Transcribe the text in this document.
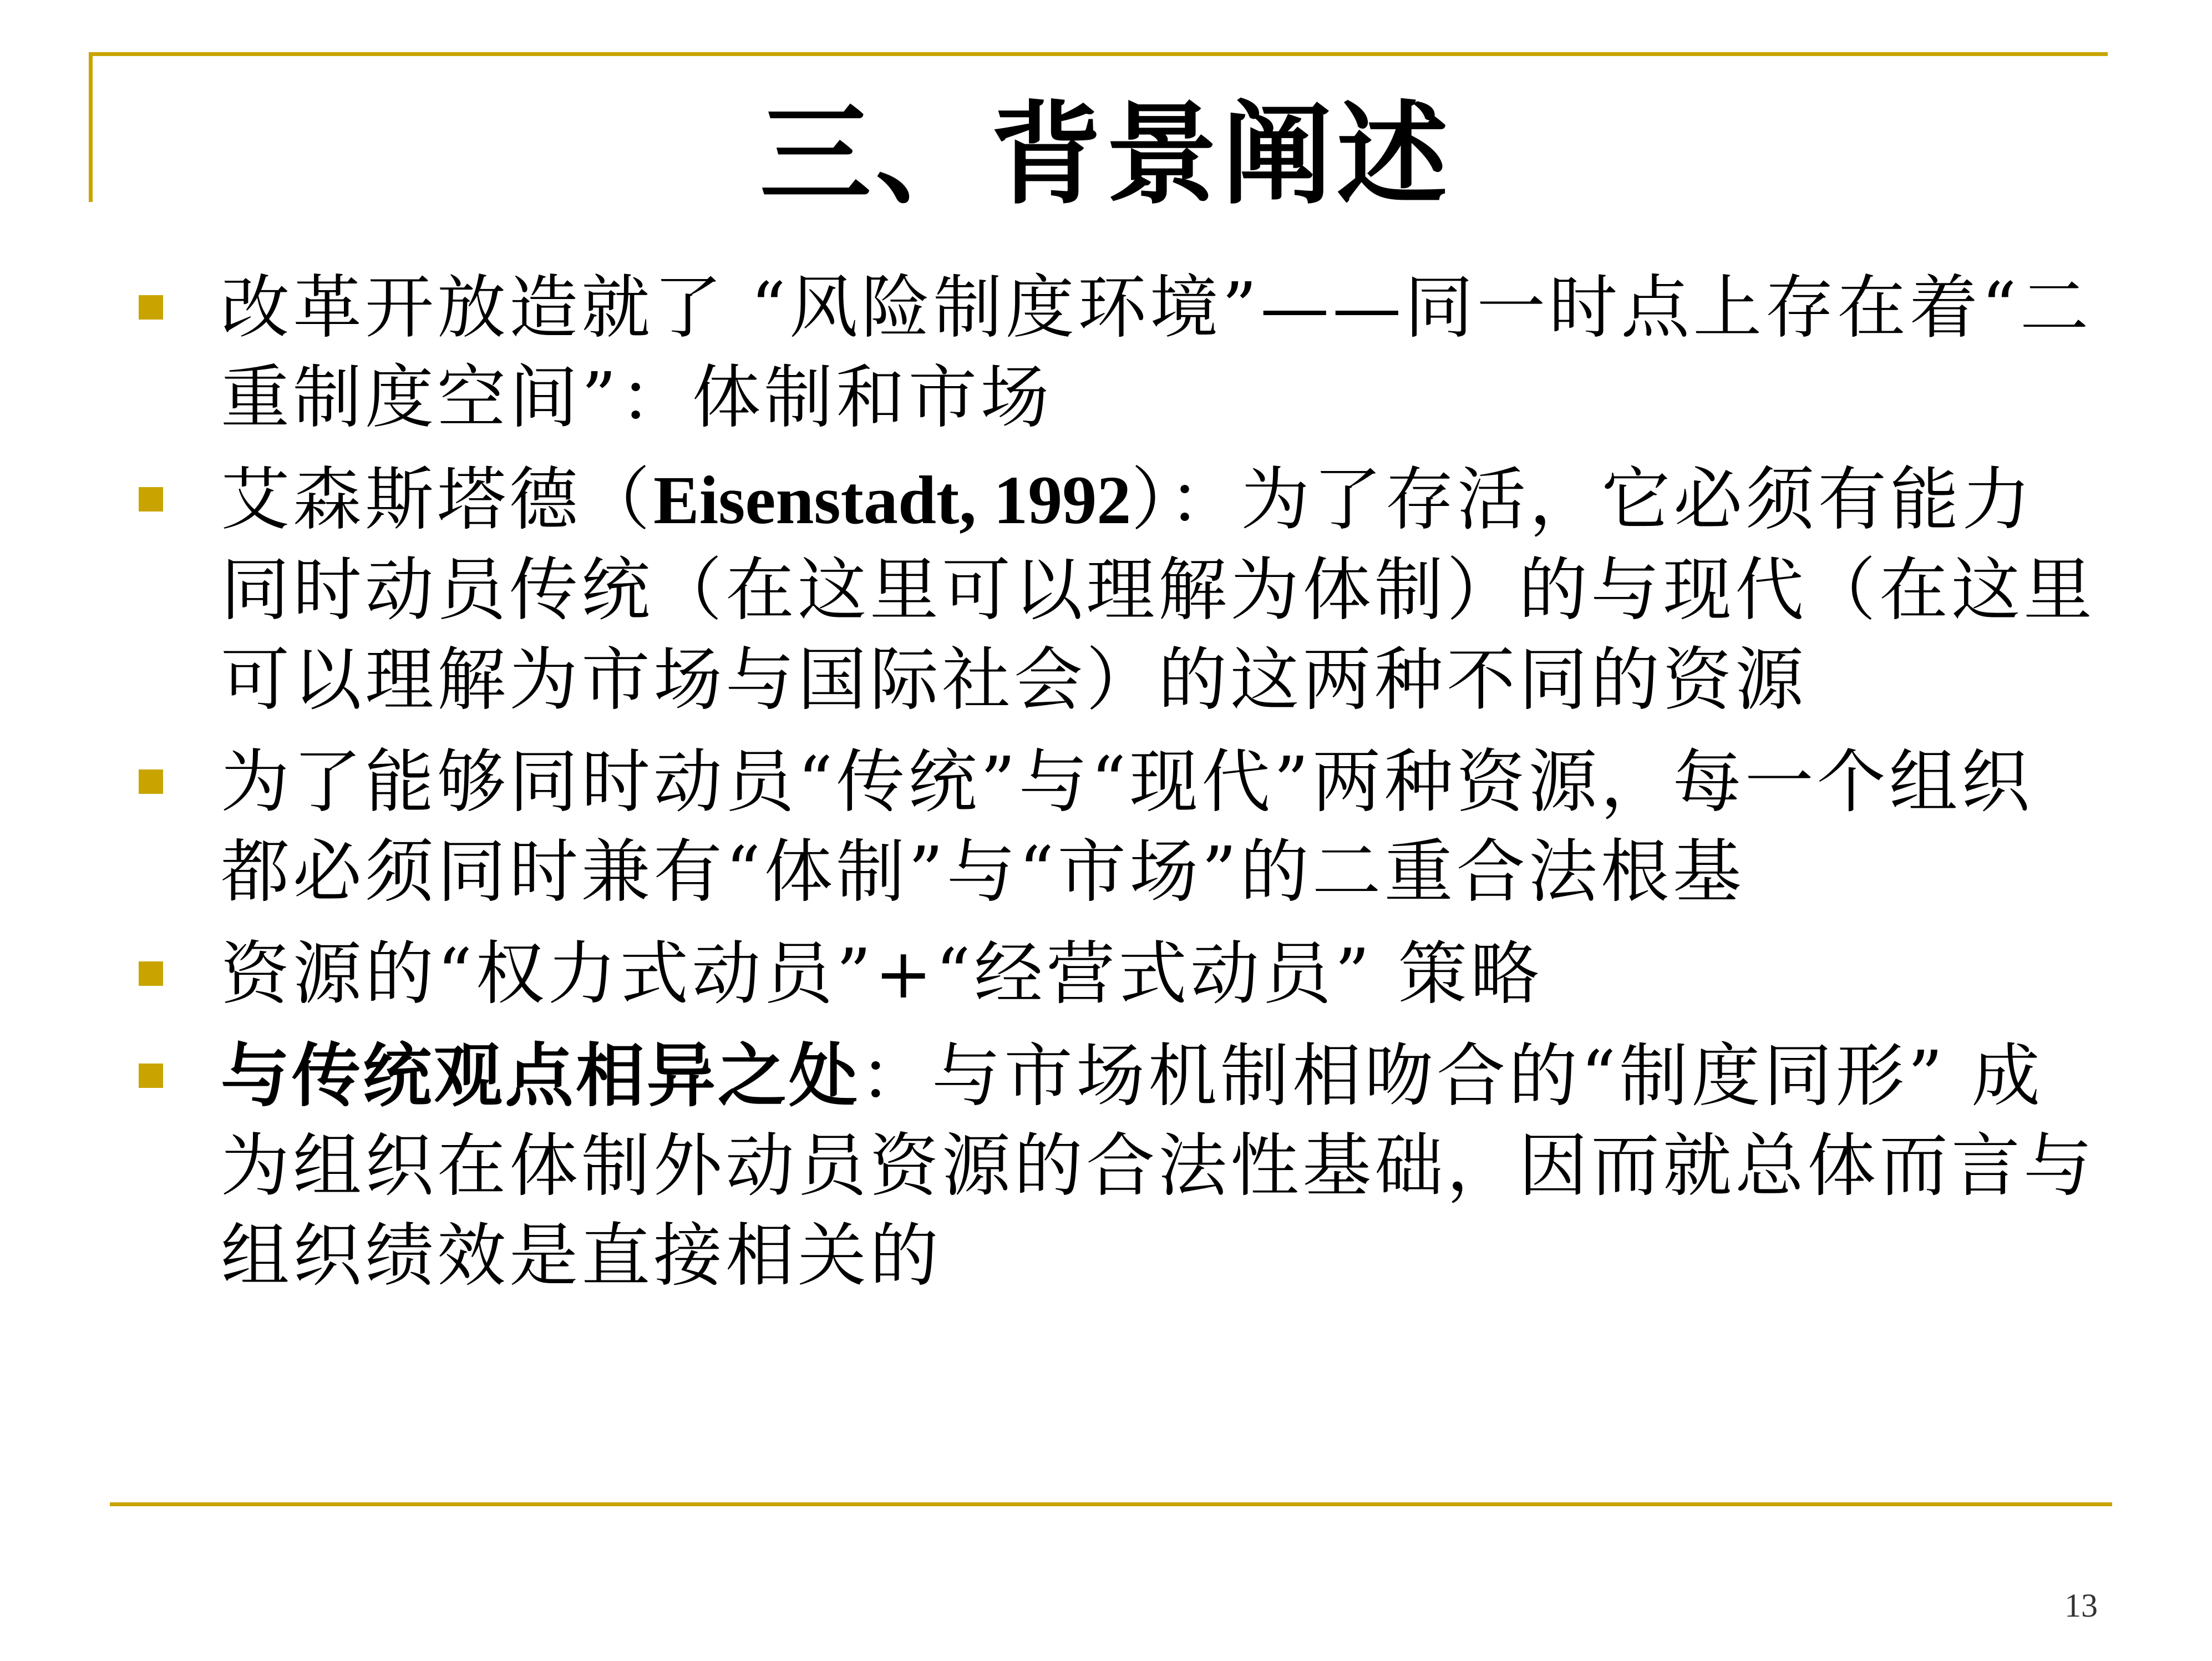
三、背景阐述
改革开放造就了 “风险制度环境”——同一时点上存在着“二重制度空间”：体制和市场
艾森斯塔德（Eisenstadt, 1992）：为了存活，它必须有能力同时动员传统（在这里可以理解为体制）的与现代（在这里可以理解为市场与国际社会）的这两种不同的资源
为了能够同时动员“传统”与“现代”两种资源，每一个组织都必须同时兼有“体制”与“市场”的二重合法根基
资源的“权力式动员”+“经营式动员” 策略
与传统观点相异之处：与市场机制相吻合的“制度同形” 成为组织在体制外动员资源的合法性基础，因而就总体而言与组织绩效是直接相关的
13
